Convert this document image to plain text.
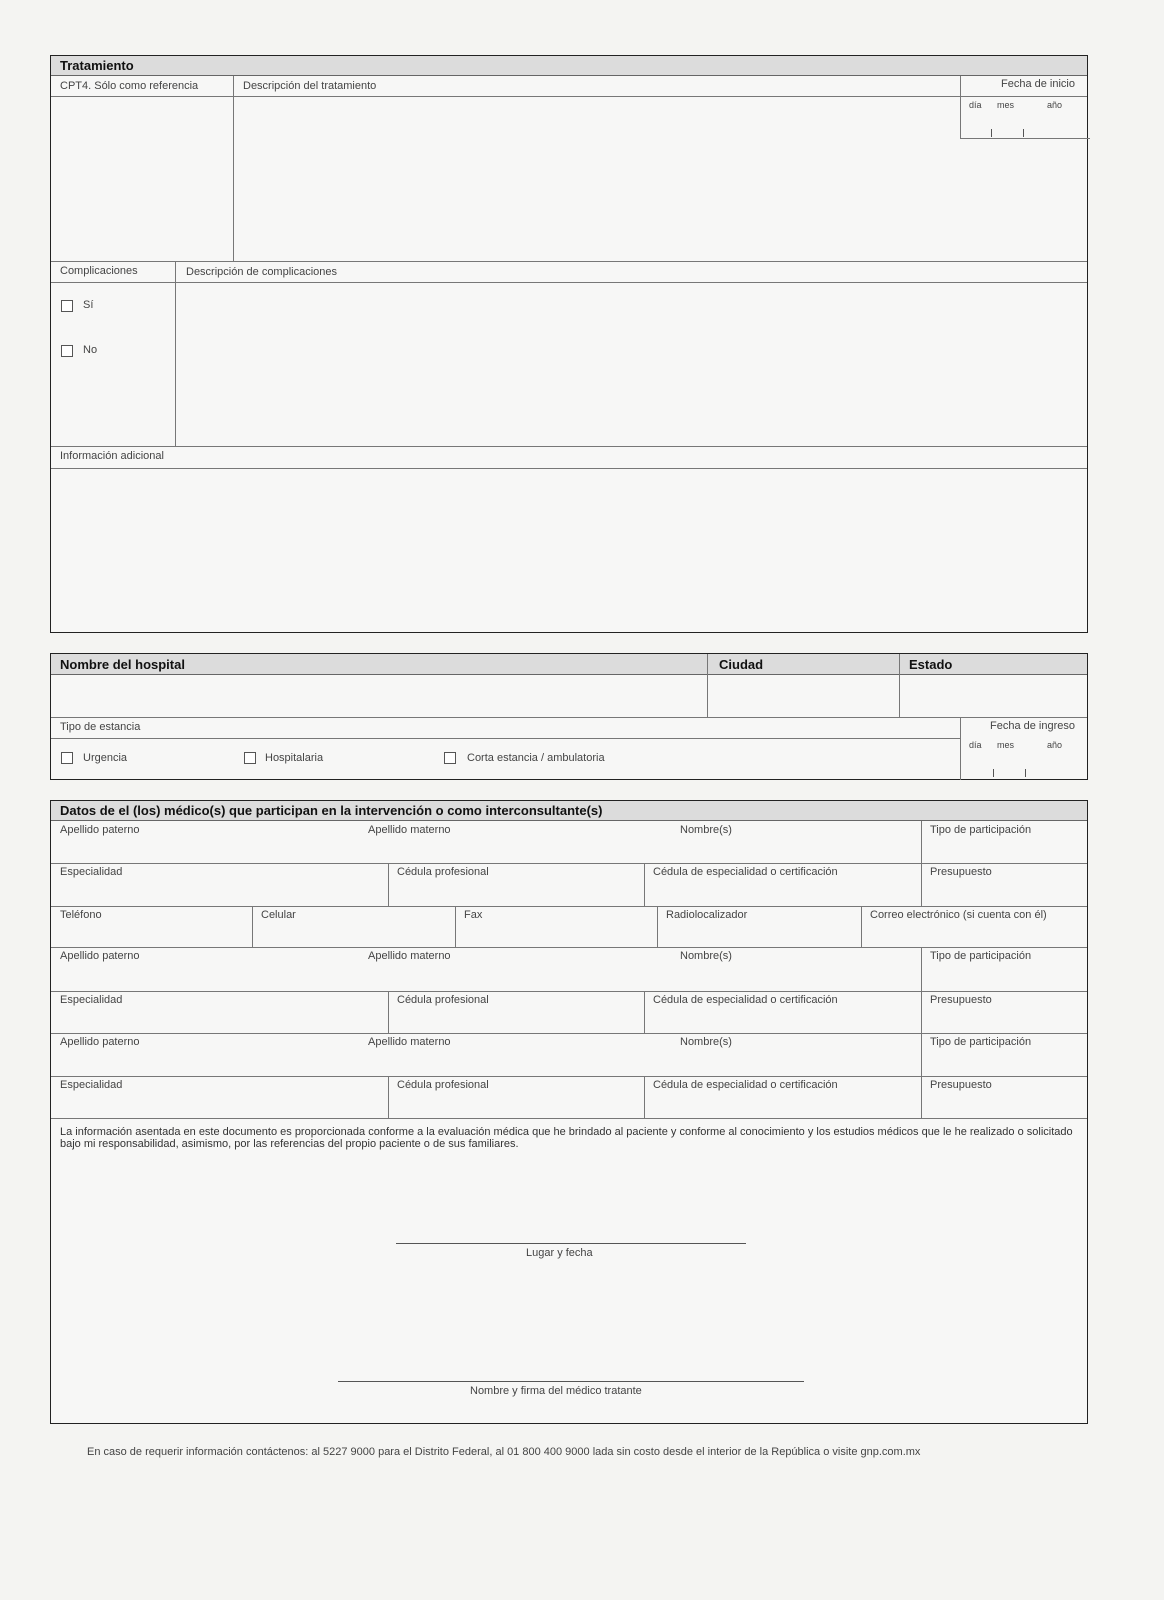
Tratamiento
CPT4. Sólo como referencia	Descripción del tratamiento	Fecha de inicio
día mes	año
Complicaciones	Descripción de complicaciones
Sí
No
Información adicional
Nombre del hospital	Ciudad	Estado
Tipo de estancia	Fecha de ingreso
día mes	año
Urgencia	Hospitalaria	Corta estancia / ambulatoria
Datos de el (los) médico(s) que participan en la intervención o como interconsultante(s)
Apellido paterno	Apellido materno	Nombre(s)	Tipo de participación
Especialidad	Cédula profesional	Cédula de especialidad o certificación	Presupuesto
Teléfono	Celular	Fax	Radiolocalizador	Correo electrónico (si cuenta con él)
Apellido paterno	Apellido materno	Nombre(s)	Tipo de participación
Especialidad	Cédula profesional	Cédula de especialidad o certificación	Presupuesto
Apellido paterno	Apellido materno	Nombre(s)	Tipo de participación
Especialidad	Cédula profesional	Cédula de especialidad o certificación	Presupuesto
La información asentada en este documento es proporcionada conforme a la evaluación médica que he brindado al paciente y conforme al conocimiento y los estudios médicos que le he realizado o solicitado bajo mi responsabilidad, asimismo, por las referencias del propio paciente o de sus familiares.
Lugar y fecha
Nombre y firma del médico tratante
En caso de requerir información contáctenos: al 5227 9000 para el Distrito Federal, al 01 800 400 9000 lada sin costo desde el interior de la República o visite gnp.com.mx
